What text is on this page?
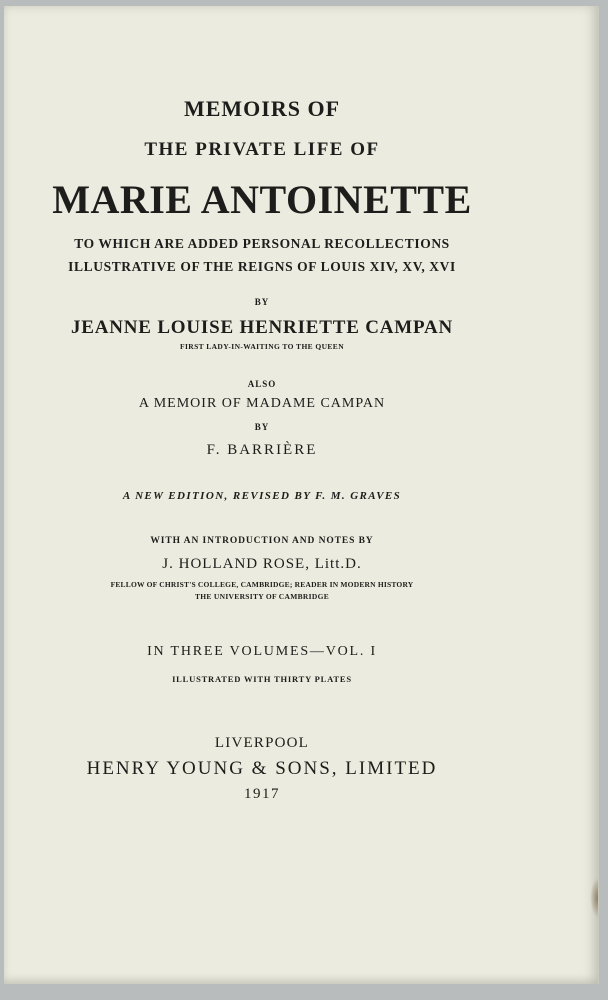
MEMOIRS OF
THE PRIVATE LIFE OF
MARIE ANTOINETTE
TO WHICH ARE ADDED PERSONAL RECOLLECTIONS
ILLUSTRATIVE OF THE REIGNS OF LOUIS XIV, XV, XVI
BY
JEANNE LOUISE HENRIETTE CAMPAN
FIRST LADY-IN-WAITING TO THE QUEEN
ALSO
A MEMOIR OF MADAME CAMPAN
BY
F. BARRIÈRE
A NEW EDITION, REVISED BY F. M. GRAVES
WITH AN INTRODUCTION AND NOTES BY
J. HOLLAND ROSE, Litt.D.
FELLOW OF CHRIST'S COLLEGE, CAMBRIDGE; READER IN MODERN HISTORY
THE UNIVERSITY OF CAMBRIDGE
IN THREE VOLUMES—VOL. I
ILLUSTRATED WITH THIRTY PLATES
LIVERPOOL
HENRY YOUNG & SONS, LIMITED
1917
